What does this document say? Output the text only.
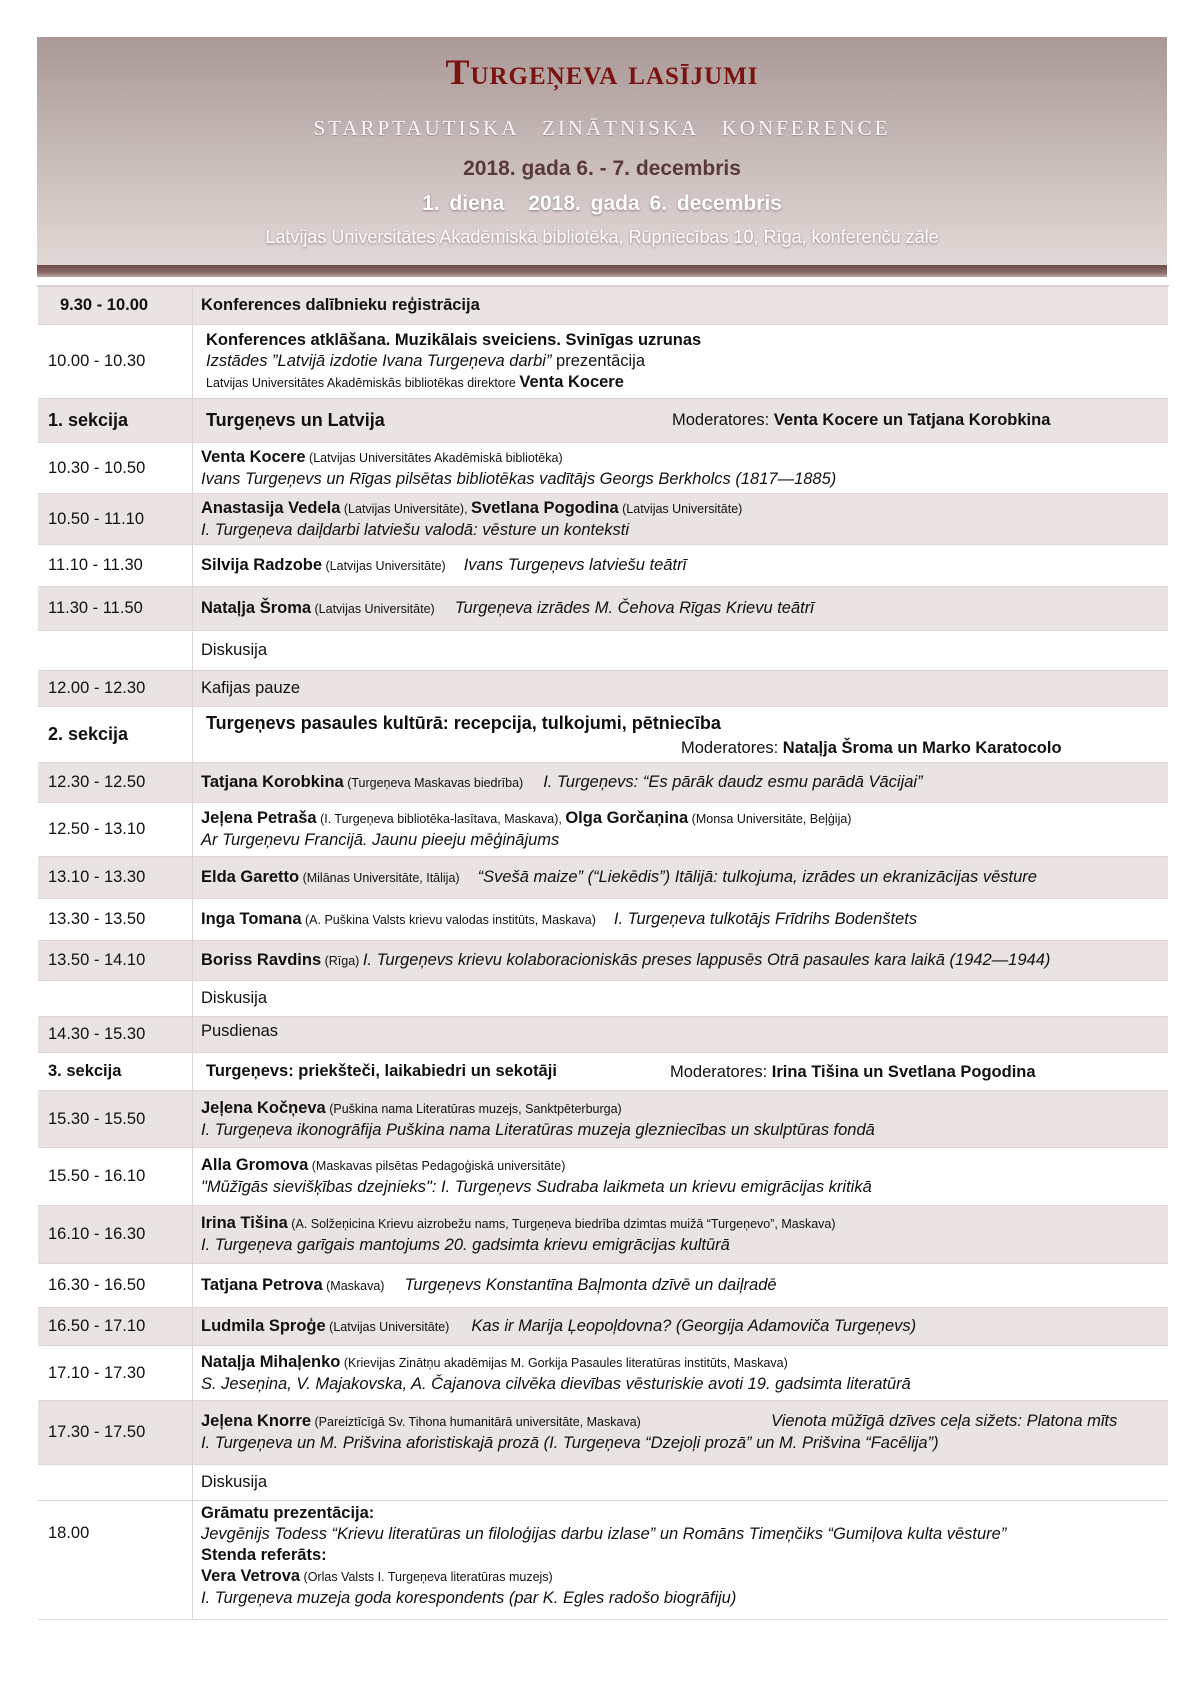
Turgeņeva lasījumi
starptautiska zinātniska konference
2018. gada 6. - 7. decembris
1. diena 2018. gada 6. decembris
Latvijas Universitātes Akadēmiskā bibliotēka, Rūpniecības 10, Rīga, konferenču zāle
9.30 - 10.00	Konferences dalībnieku reģistrācija
10.00 - 10.30
Konferences atklāšana. Muzikālais sveiciens. Svinīgas uzrunas
Izstādes ”Latvijā izdotie Ivana Turgeņeva darbi” prezentācija
Latvijas Universitātes Akadēmiskās bibliotēkas direktore Venta Kocere
1. sekcija	Turgeņevs un Latvija	Moderatores: Venta Kocere un Tatjana Korobkina
10.30 - 10.50
Venta Kocere (Latvijas Universitātes Akadēmiskā bibliotēka)
Ivans Turgeņevs un Rīgas pilsētas bibliotēkas vadītājs Georgs Berkholcs (1817—1885)
10.50 - 11.10
Anastasija Vedela (Latvijas Universitāte), Svetlana Pogodina (Latvijas Universitāte)
I. Turgeņeva daiļdarbi latviešu valodā: vēsture un konteksti
11.10 - 11.30	Silvija Radzobe (Latvijas Universitāte) Ivans Turgeņevs latviešu teātrī
11.30 - 11.50	Nataļja Šroma (Latvijas Universitāte) Turgeņeva izrādes M. Čehova Rīgas Krievu teātrī
Diskusija
12.00 - 12.30	Kafijas pauze
2. sekcija
Turgeņevs pasaules kultūrā: recepcija, tulkojumi, pētniecība
Moderatores: Nataļja Šroma un Marko Karatocolo
12.30 - 12.50	Tatjana Korobkina (Turgeņeva Maskavas biedrība) I. Turgeņevs: “Es pārāk daudz esmu parādā Vācijai”
12.50 - 13.10
Jeļena Petraša (I. Turgeņeva bibliotēka-lasītava, Maskava), Olga Gorčaņina (Monsa Universitāte, Beļģija)
Ar Turgeņevu Francijā. Jaunu pieeju mēģinājums
13.10 - 13.30	Elda Garetto (Milānas Universitāte, Itālija) “Svešā maize” (“Liekēdis”) Itālijā: tulkojuma, izrādes un ekranizācijas vēsture
13.30 - 13.50	Inga Tomana (A. Puškina Valsts krievu valodas institūts, Maskava) I. Turgeņeva tulkotājs Frīdrihs Bodenštets
13.50 - 14.10	Boriss Ravdins (Rīga) I. Turgeņevs krievu kolaboracioniskās preses lappusēs Otrā pasaules kara laikā (1942—1944)
Diskusija
14.30 - 15.30	Pusdienas
3. sekcija	Turgeņevs: priekšteči, laikabiedri un sekotāji	Moderatores: Irina Tišina un Svetlana Pogodina
15.30 - 15.50
Jeļena Kočņeva (Puškina nama Literatūras muzejs, Sanktpēterburga)
I. Turgeņeva ikonogrāfija Puškina nama Literatūras muzeja glezniecības un skulptūras fondā
15.50 - 16.10
Alla Gromova (Maskavas pilsētas Pedagoģiskā universitāte)
"Mūžīgās sievišķības dzejnieks": I. Turgeņevs Sudraba laikmeta un krievu emigrācijas kritikā
16.10 - 16.30
Irina Tišina (A. Solžeņicina Krievu aizrobežu nams, Turgeņeva biedrība dzimtas muižā “Turgeņevo”, Maskava)
I. Turgeņeva garīgais mantojums 20. gadsimta krievu emigrācijas kultūrā
16.30 - 16.50	Tatjana Petrova (Maskava) Turgeņevs Konstantīna Baļmonta dzīvē un daiļradē
16.50 - 17.10	Ludmila Sproģe (Latvijas Universitāte) Kas ir Marija Ļeopoļdovna? (Georgija Adamoviča Turgeņevs)
17.10 - 17.30
Nataļja Mihaļenko (Krievijas Zinātņu akadēmijas M. Gorkija Pasaules literatūras institūts, Maskava)
S. Jeseņina, V. Majakovska, A. Čajanova cilvēka dievības vēsturiskie avoti 19. gadsimta literatūrā
17.30 - 17.50
Jeļena Knorre (Pareiztīcīgā Sv. Tihona humanitārā universitāte, Maskava)	Vienota mūžīgā dzīves ceļa sižets: Platona mīts
I. Turgeņeva un M. Prišvina aforistiskajā prozā (I. Turgeņeva “Dzejoļi prozā” un M. Prišvina “Facēlija”)
Diskusija
18.00
Grāmatu prezentācija:
Jevgēnijs Todess “Krievu literatūras un filoloģijas darbu izlase” un Romāns Timeņčiks “Gumiļova kulta vēsture”
Stenda referāts:
Vera Vetrova (Orlas Valsts I. Turgeņeva literatūras muzejs)
I. Turgeņeva muzeja goda korespondents (par K. Egles radošo biogrāfiju)
